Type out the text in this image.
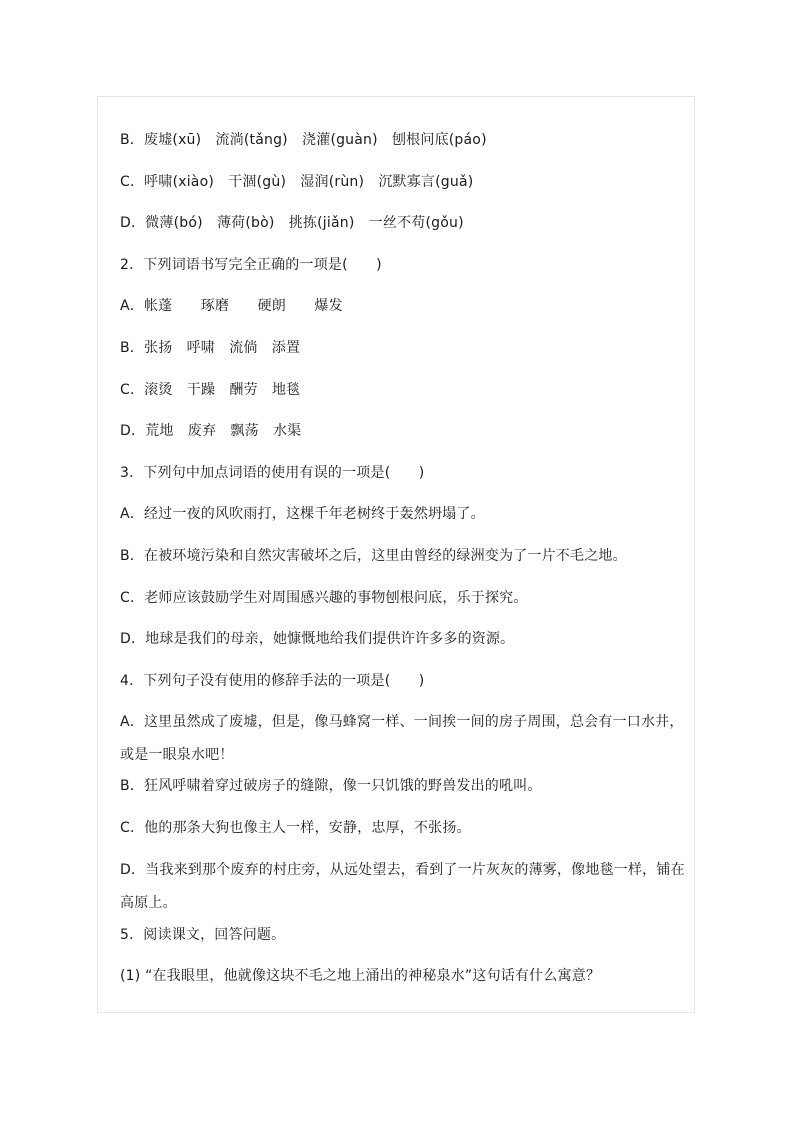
B．废墟(xū)　流淌(tǎng)　浇灌(guàn)　刨根问底(páo)
C．呼啸(xiào)　干涸(gù)　湿润(rùn)　沉默寡言(guǎ)
D．微薄(bó)　薄荷(bò)　挑拣(jiǎn)　一丝不苟(gǒu)
2．下列词语书写完全正确的一项是(　　)
A．帐蓬　　琢磨　　硬朗　　爆发
B．张扬　呼啸　流倘　添置
C．滚烫　干躁　酬劳　地毯
D．荒地　废弃　飘荡　水渠
3．下列句中加点词语的使用有误的一项是(　　)
A．经过一夜的风吹雨打，这棵千年老树终于轰然坍塌了。
B．在被环境污染和自然灾害破坏之后，这里由曾经的绿洲变为了一片不毛之地。
C．老师应该鼓励学生对周围感兴趣的事物刨根问底，乐于探究。
D．地球是我们的母亲，她慷慨地给我们提供许许多多的资源。
4．下列句子没有使用的修辞手法的一项是(　　)
A．这里虽然成了废墟，但是，像马蜂窝一样、一间挨一间的房子周围，总会有一口水井，
或是一眼泉水吧！
B．狂风呼啸着穿过破房子的缝隙，像一只饥饿的野兽发出的吼叫。
C．他的那条大狗也像主人一样，安静，忠厚，不张扬。
D．当我来到那个废弃的村庄旁，从远处望去，看到了一片灰灰的薄雾，像地毯一样，铺在
高原上。
5．阅读课文，回答问题。
(1) “在我眼里，他就像这块不毛之地上涌出的神秘泉水”这句话有什么寓意？
